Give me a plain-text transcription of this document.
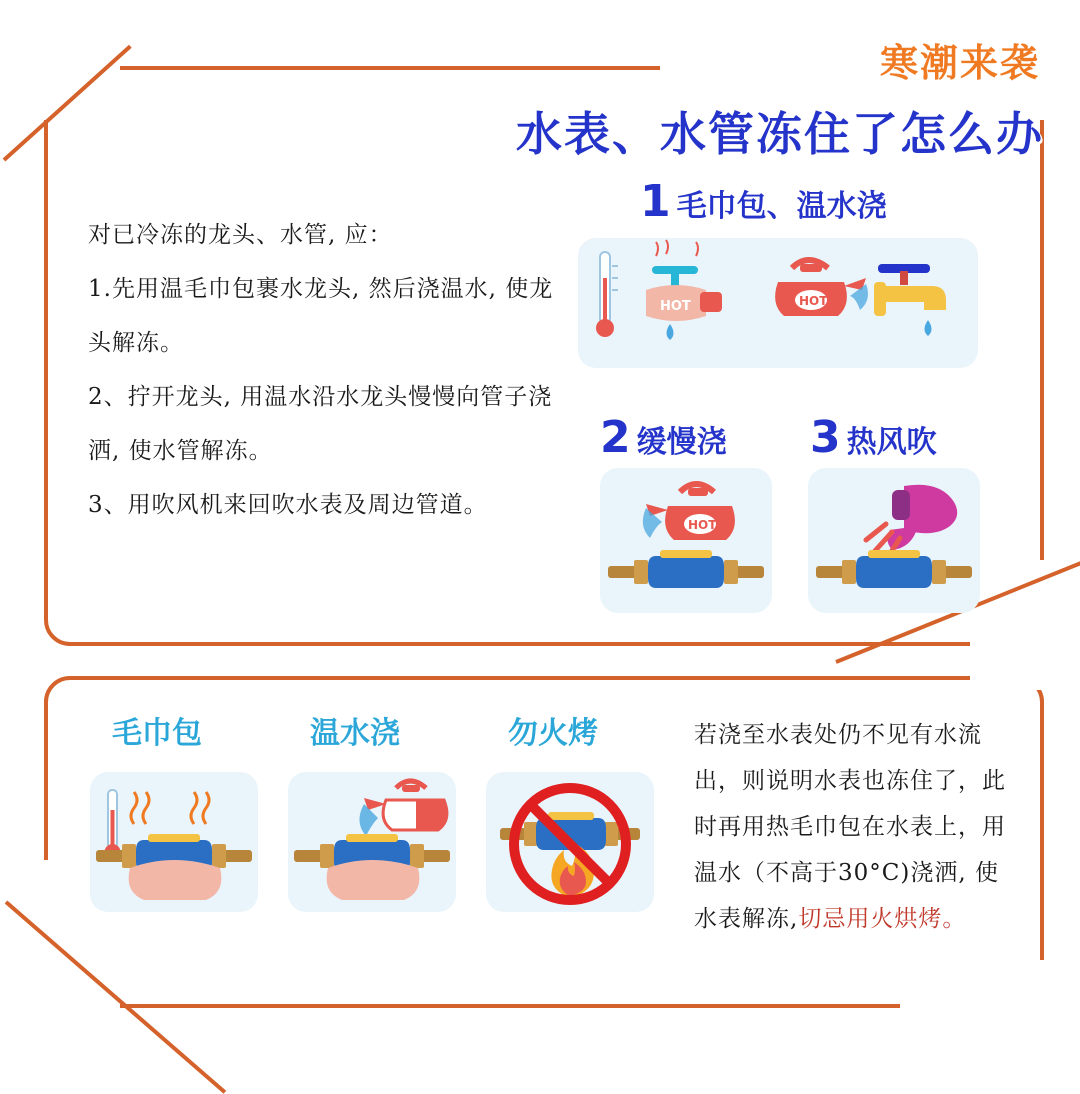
寒潮来袭
水表、水管冻住了怎么办

对已冷冻的龙头、水管, 应：

1.先用温毛巾包裹水龙头, 然后浇温水, 使龙头解冻。

2、拧开龙头, 用温水沿水龙头慢慢向管子浇洒, 使水管解冻。

3、用吹风机来回吹水表及周边管道。

1 毛巾包、温水浇
2 缓慢浇 3 热风吹
HOT	HOT
HOT
毛巾包	温水浇	勿火烤	若浇至水表处仍不见有水流出，则说明水表也冻住了，此时再用热毛巾包在水表上，用温水（不高于30°C)浇洒, 使水表解冻,切忌用火烘烤。
